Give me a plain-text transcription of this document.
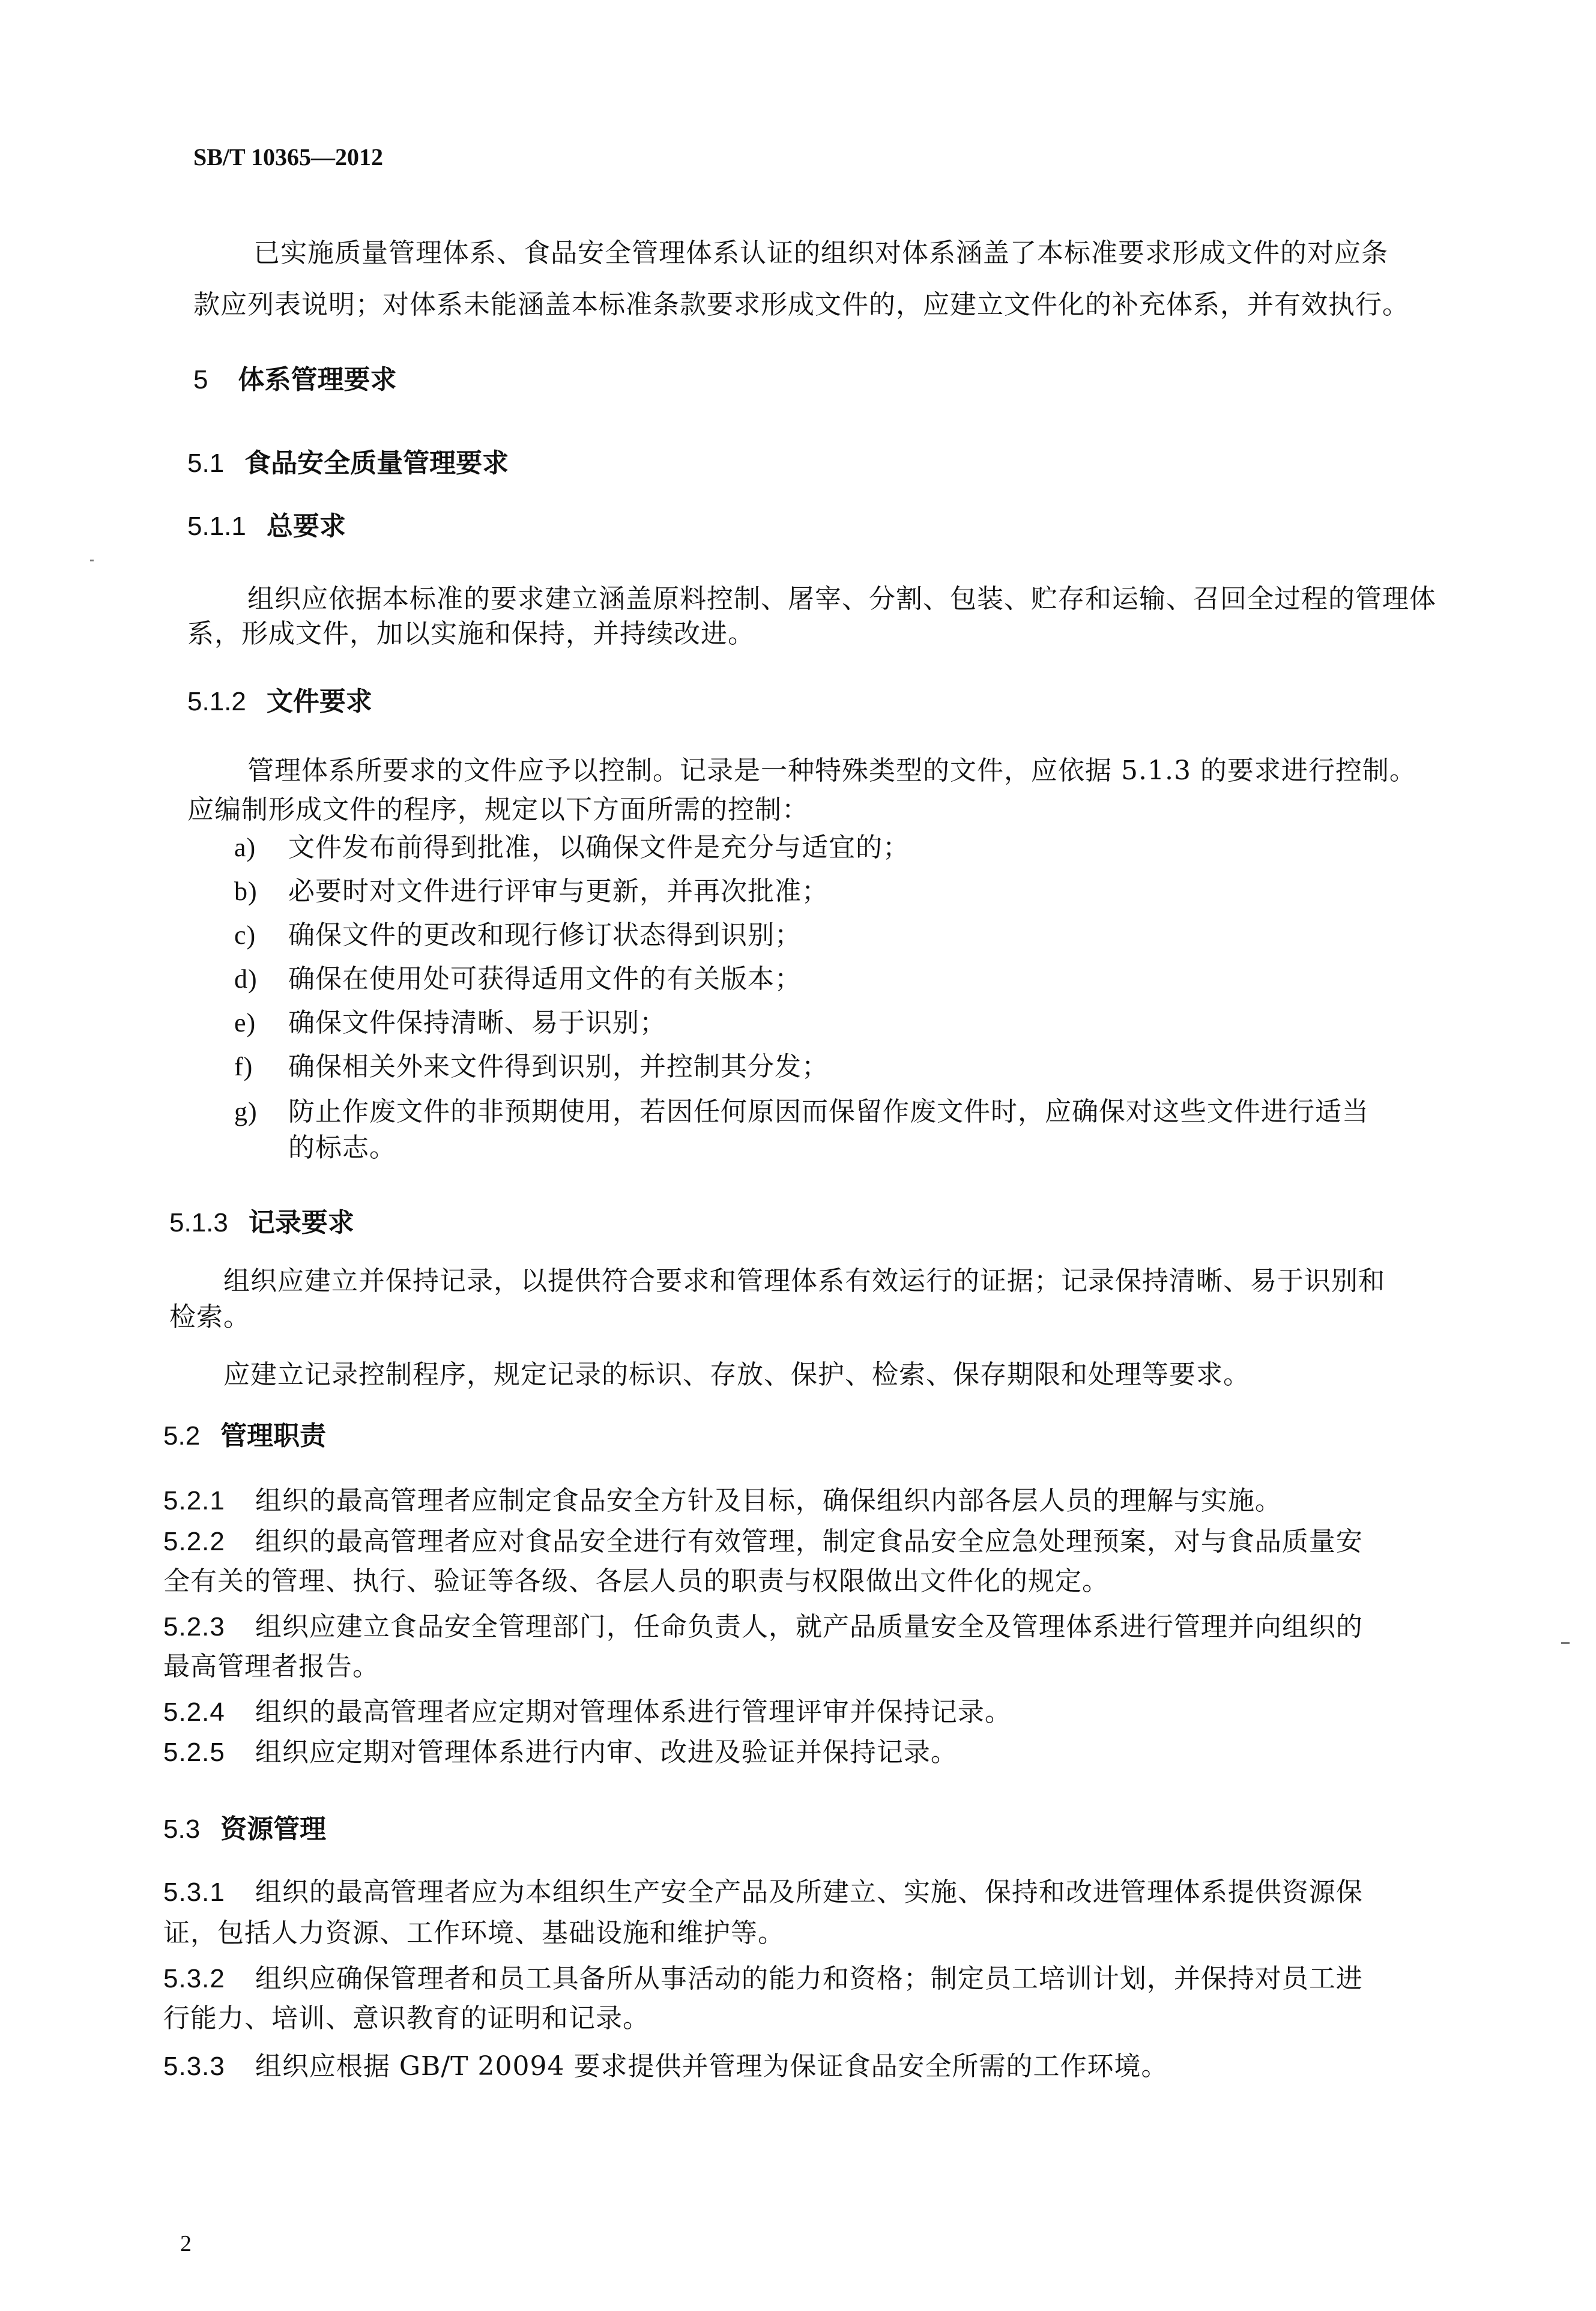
SB/T 10365—2012
已实施质量管理体系、食品安全管理体系认证的组织对体系涵盖了本标准要求形成文件的对应条
款应列表说明；对体系未能涵盖本标准条款要求形成文件的，应建立文件化的补充体系，并有效执行。
5 体系管理要求
5.1 食品安全质量管理要求
5.1.1 总要求
组织应依据本标准的要求建立涵盖原料控制、屠宰、分割、包装、贮存和运输、召回全过程的管理体
系，形成文件，加以实施和保持，并持续改进。
5.1.2 文件要求
管理体系所要求的文件应予以控制。记录是一种特殊类型的文件，应依据 5.1.3 的要求进行控制。
应编制形成文件的程序，规定以下方面所需的控制：
a) 文件发布前得到批准，以确保文件是充分与适宜的；
b) 必要时对文件进行评审与更新，并再次批准；
c) 确保文件的更改和现行修订状态得到识别；
d) 确保在使用处可获得适用文件的有关版本；
e) 确保文件保持清晰、易于识别；
f) 确保相关外来文件得到识别，并控制其分发；
g) 防止作废文件的非预期使用，若因任何原因而保留作废文件时，应确保对这些文件进行适当
的标志。
5.1.3 记录要求
组织应建立并保持记录，以提供符合要求和管理体系有效运行的证据；记录保持清晰、易于识别和
检索。
应建立记录控制程序，规定记录的标识、存放、保护、检索、保存期限和处理等要求。
5.2 管理职责
5.2.1 组织的最高管理者应制定食品安全方针及目标，确保组织内部各层人员的理解与实施。
5.2.2 组织的最高管理者应对食品安全进行有效管理，制定食品安全应急处理预案，对与食品质量安
全有关的管理、执行、验证等各级、各层人员的职责与权限做出文件化的规定。
5.2.3 组织应建立食品安全管理部门，任命负责人，就产品质量安全及管理体系进行管理并向组织的
最高管理者报告。
5.2.4 组织的最高管理者应定期对管理体系进行管理评审并保持记录。
5.2.5 组织应定期对管理体系进行内审、改进及验证并保持记录。
5.3 资源管理
5.3.1 组织的最高管理者应为本组织生产安全产品及所建立、实施、保持和改进管理体系提供资源保
证，包括人力资源、工作环境、基础设施和维护等。
5.3.2 组织应确保管理者和员工具备所从事活动的能力和资格；制定员工培训计划，并保持对员工进
行能力、培训、意识教育的证明和记录。
5.3.3 组织应根据 GB/T 20094 要求提供并管理为保证食品安全所需的工作环境。
2
